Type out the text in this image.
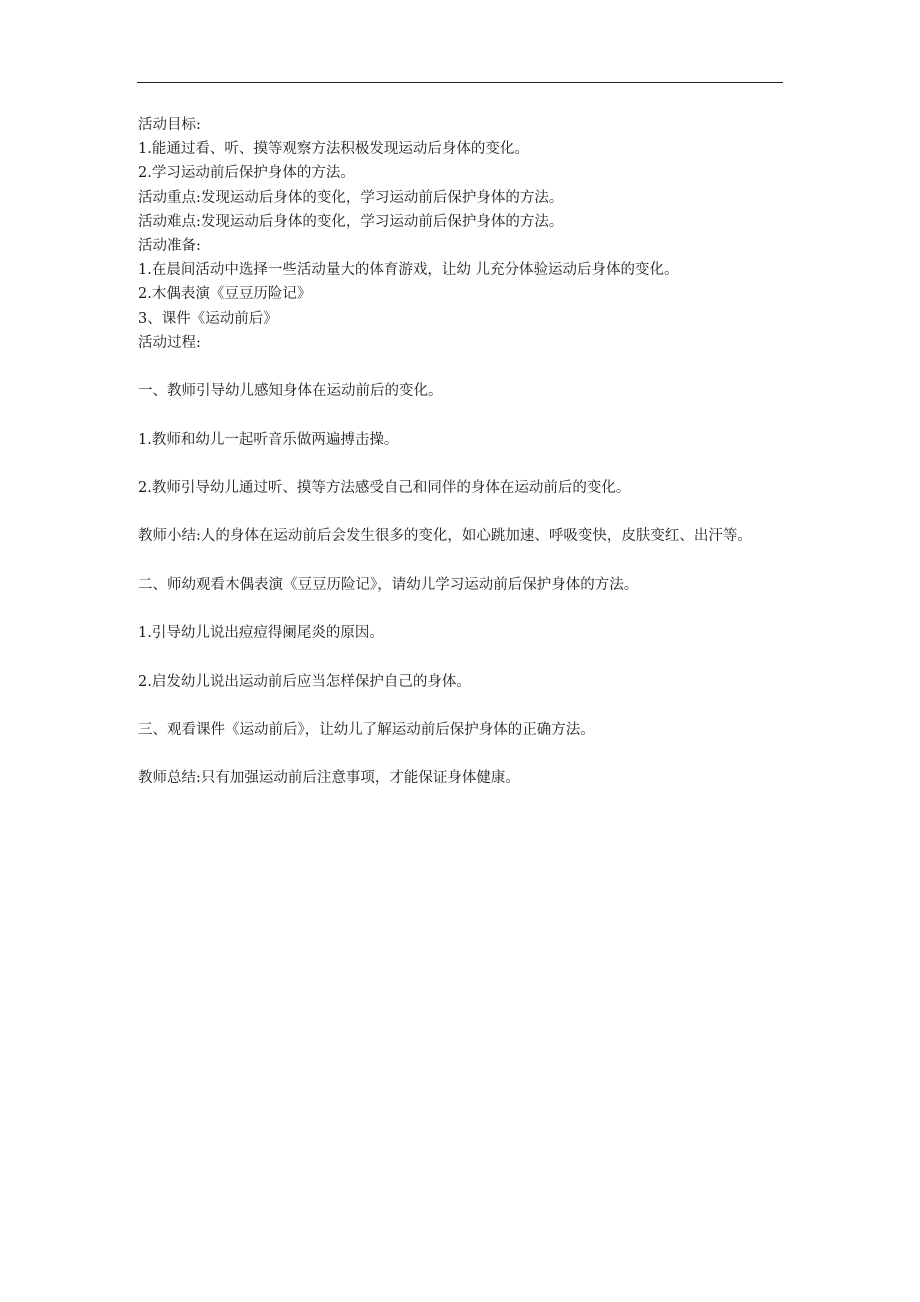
活动目标:

1.能通过看、听、摸等观察方法积极发现运动后身体的变化。

2.学习运动前后保护身体的方法。

活动重点:发现运动后身体的变化，学习运动前后保护身体的方法。

活动难点:发现运动后身体的变化，学习运动前后保护身体的方法。

活动准备:

1.在晨间活动中选择一些活动量大的体育游戏，让幼 儿充分体验运动后身体的变化。

2.木偶表演《豆豆历险记》

3、课件《运动前后》

活动过程:

一、教师引导幼儿感知身体在运动前后的变化。

1.教师和幼儿一起听音乐做两遍搏击操。

2.教师引导幼儿通过听、摸等方法感受自己和同伴的身体在运动前后的变化。

教师小结:人的身体在运动前后会发生很多的变化，如心跳加速、呼吸变快，皮肤变红、出汗等。

二、师幼观看木偶表演《豆豆历险记》，请幼儿学习运动前后保护身体的方法。

1.引导幼儿说出痘痘得阑尾炎的原因。

2.启发幼儿说出运动前后应当怎样保护自己的身体。

三、观看课件《运动前后》，让幼儿了解运动前后保护身体的正确方法。

教师总结:只有加强运动前后注意事项，才能保证身体健康。
